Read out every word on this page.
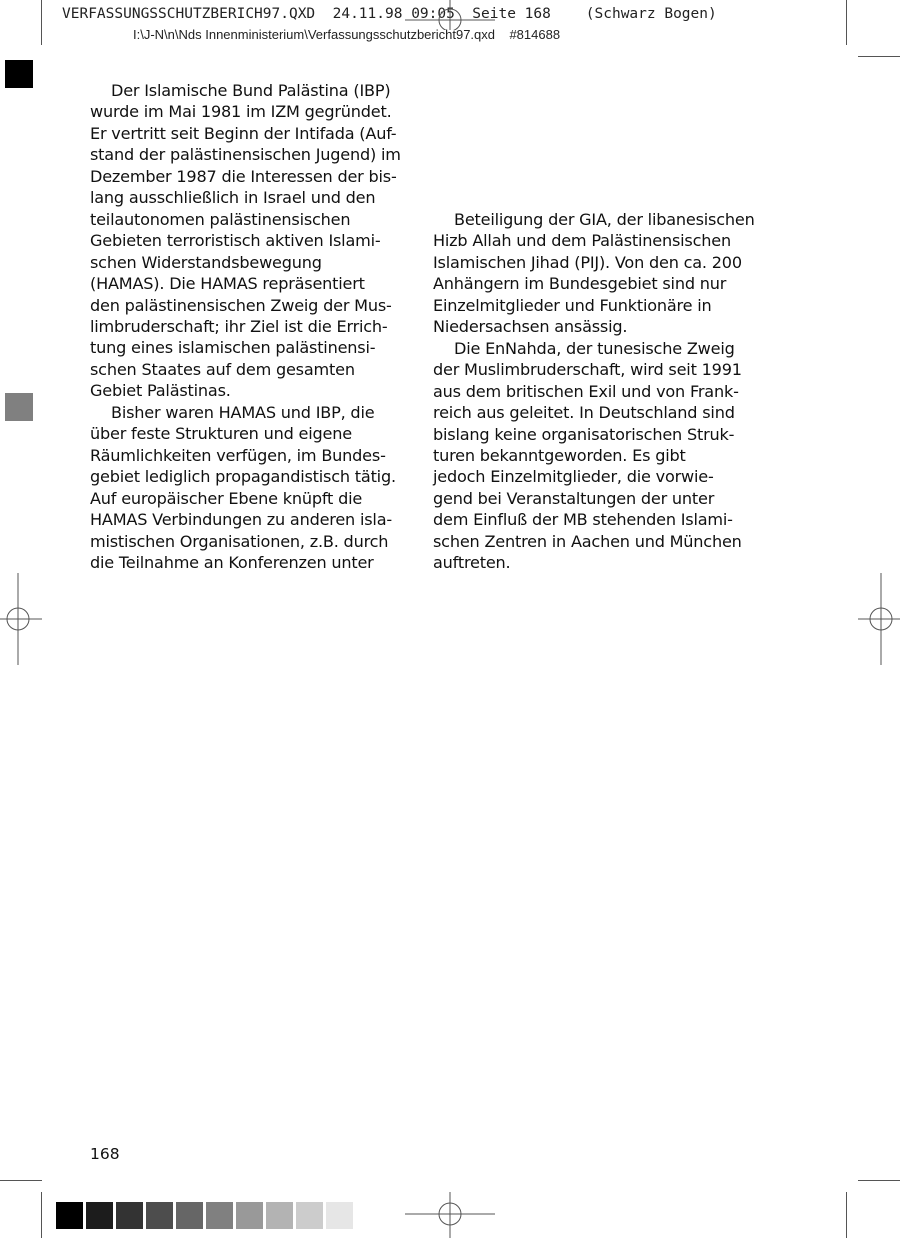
VERFASSUNGSSCHUTZBERICH97.QXD  24.11.98 09:05  Seite 168    (Schwarz Bogen)
I:\J-N\n\Nds Innenministerium\Verfassungsschutzbericht97.qxd    #814688

Der Islamische Bund Palästina (IBP)
wurde im Mai 1981 im IZM gegründet.
Er vertritt seit Beginn der Intifada (Auf-
stand der palästinensischen Jugend) im
Dezember 1987 die Interessen der bis-
lang ausschließlich in Israel und den
teilautonomen palästinensischen
Gebieten terroristisch aktiven Islami-
schen Widerstandsbewegung
(HAMAS). Die HAMAS repräsentiert
den palästinensischen Zweig der Mus-
limbruderschaft; ihr Ziel ist die Errich-
tung eines islamischen palästinensi-
schen Staates auf dem gesamten
Gebiet Palästinas.

Bisher waren HAMAS und IBP, die
über feste Strukturen und eigene
Räumlichkeiten verfügen, im Bundes-
gebiet lediglich propagandistisch tätig.
Auf europäischer Ebene knüpft die
HAMAS Verbindungen zu anderen isla-
mistischen Organisationen, z.B. durch
die Teilnahme an Konferenzen unter

Beteiligung der GIA, der libanesischen
Hizb Allah und dem Palästinensischen
Islamischen Jihad (PIJ). Von den ca. 200
Anhängern im Bundesgebiet sind nur
Einzelmitglieder und Funktionäre in
Niedersachsen ansässig.

Die EnNahda, der tunesische Zweig
der Muslimbruderschaft, wird seit 1991
aus dem britischen Exil und von Frank-
reich aus geleitet. In Deutschland sind
bislang keine organisatorischen Struk-
turen bekanntgeworden. Es gibt
jedoch Einzelmitglieder, die vorwie-
gend bei Veranstaltungen der unter
dem Einfluß der MB stehenden Islami-
schen Zentren in Aachen und München
auftreten.

168
